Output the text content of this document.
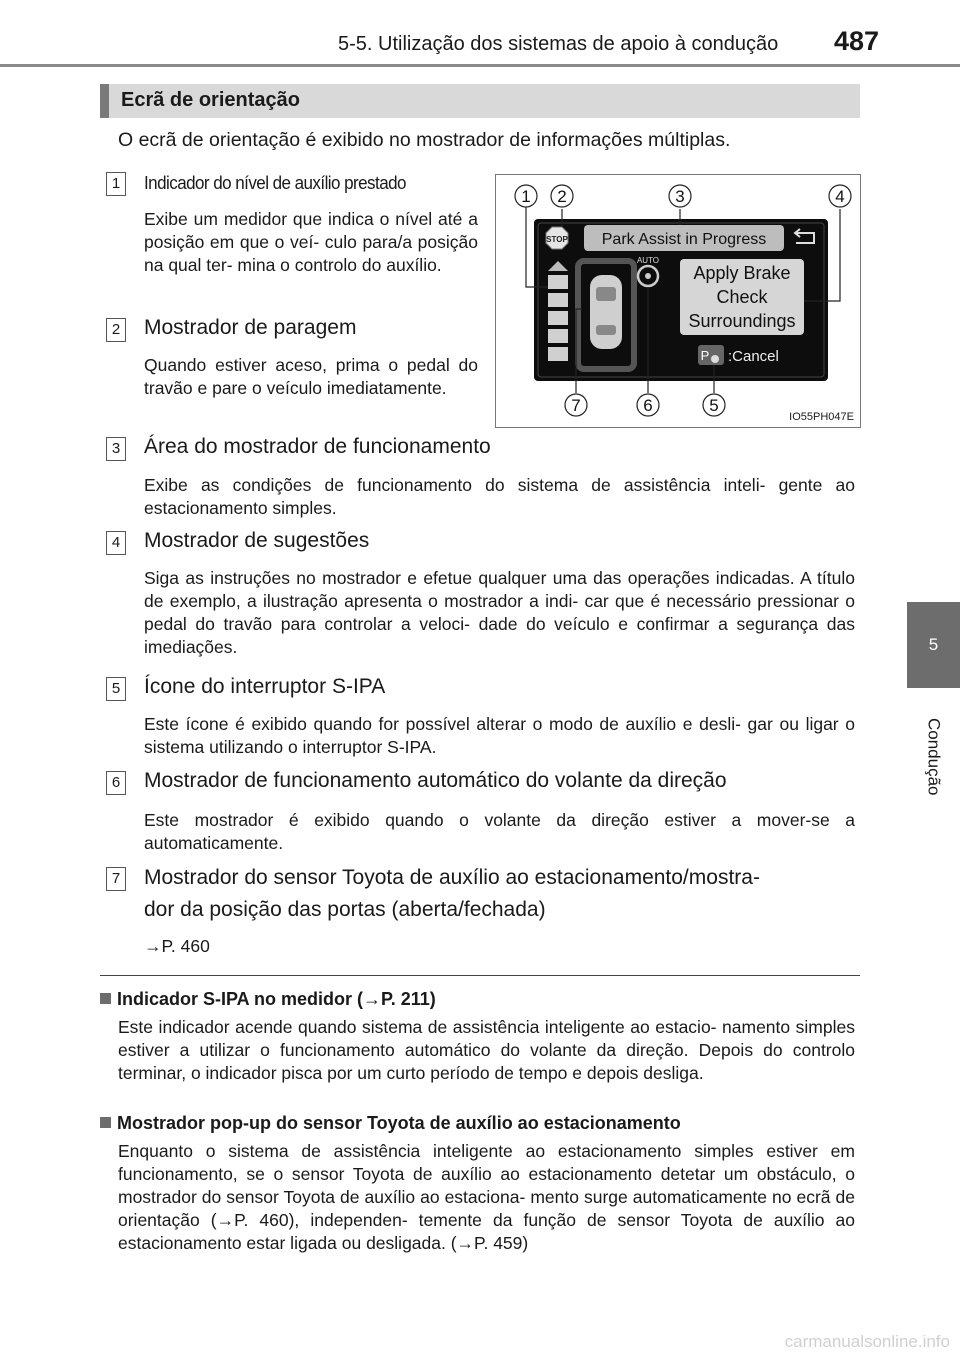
5-5. Utilização dos sistemas de apoio à condução 487
5
Condução
Ecrã de orientação
O ecrã de orientação é exibido no mostrador de informações múltiplas.
1	Indicador do nível de auxílio prestado
Exibe um medidor que indica o nível até a posição em que o veí- culo para/a posição na qual ter- mina o controlo do auxílio.
2 Mostrador de paragem
Quando estiver aceso, prima o pedal do travão e pare o veículo imediatamente.
Park Assist in Progress
STOP
AUTO
Apply Brake
Check
Surroundings
P :Cancel
1 2	3	4
7	6	5
IO55PH047E
3 Área do mostrador de funcionamento
Exibe as condições de funcionamento do sistema de assistência inteli- gente ao estacionamento simples.
4 Mostrador de sugestões
Siga as instruções no mostrador e efetue qualquer uma das operações indicadas. A título de exemplo, a ilustração apresenta o mostrador a indi- car que é necessário pressionar o pedal do travão para controlar a veloci- dade do veículo e confirmar a segurança das imediações.
5 Ícone do interruptor S-IPA
Este ícone é exibido quando for possível alterar o modo de auxílio e desli- gar ou ligar o sistema utilizando o interruptor S-IPA.
6 Mostrador de funcionamento automático do volante da direção
Este mostrador é exibido quando o volante da direção estiver a mover-se a automaticamente.
7 Mostrador do sensor Toyota de auxílio ao estacionamento/mostra-
dor da posição das portas (aberta/fechada)
→P. 460
Indicador S-IPA no medidor (→P. 211)
Este indicador acende quando sistema de assistência inteligente ao estacio- namento simples estiver a utilizar o funcionamento automático do volante da direção. Depois do controlo terminar, o indicador pisca por um curto período de tempo e depois desliga.
Mostrador pop-up do sensor Toyota de auxílio ao estacionamento
Enquanto o sistema de assistência inteligente ao estacionamento simples estiver em funcionamento, se o sensor Toyota de auxílio ao estacionamento detetar um obstáculo, o mostrador do sensor Toyota de auxílio ao estaciona- mento surge automaticamente no ecrã de orientação (→P. 460), independen- temente da função de sensor Toyota de auxílio ao estacionamento estar ligada ou desligada. (→P. 459)
carmanualsonline.info
